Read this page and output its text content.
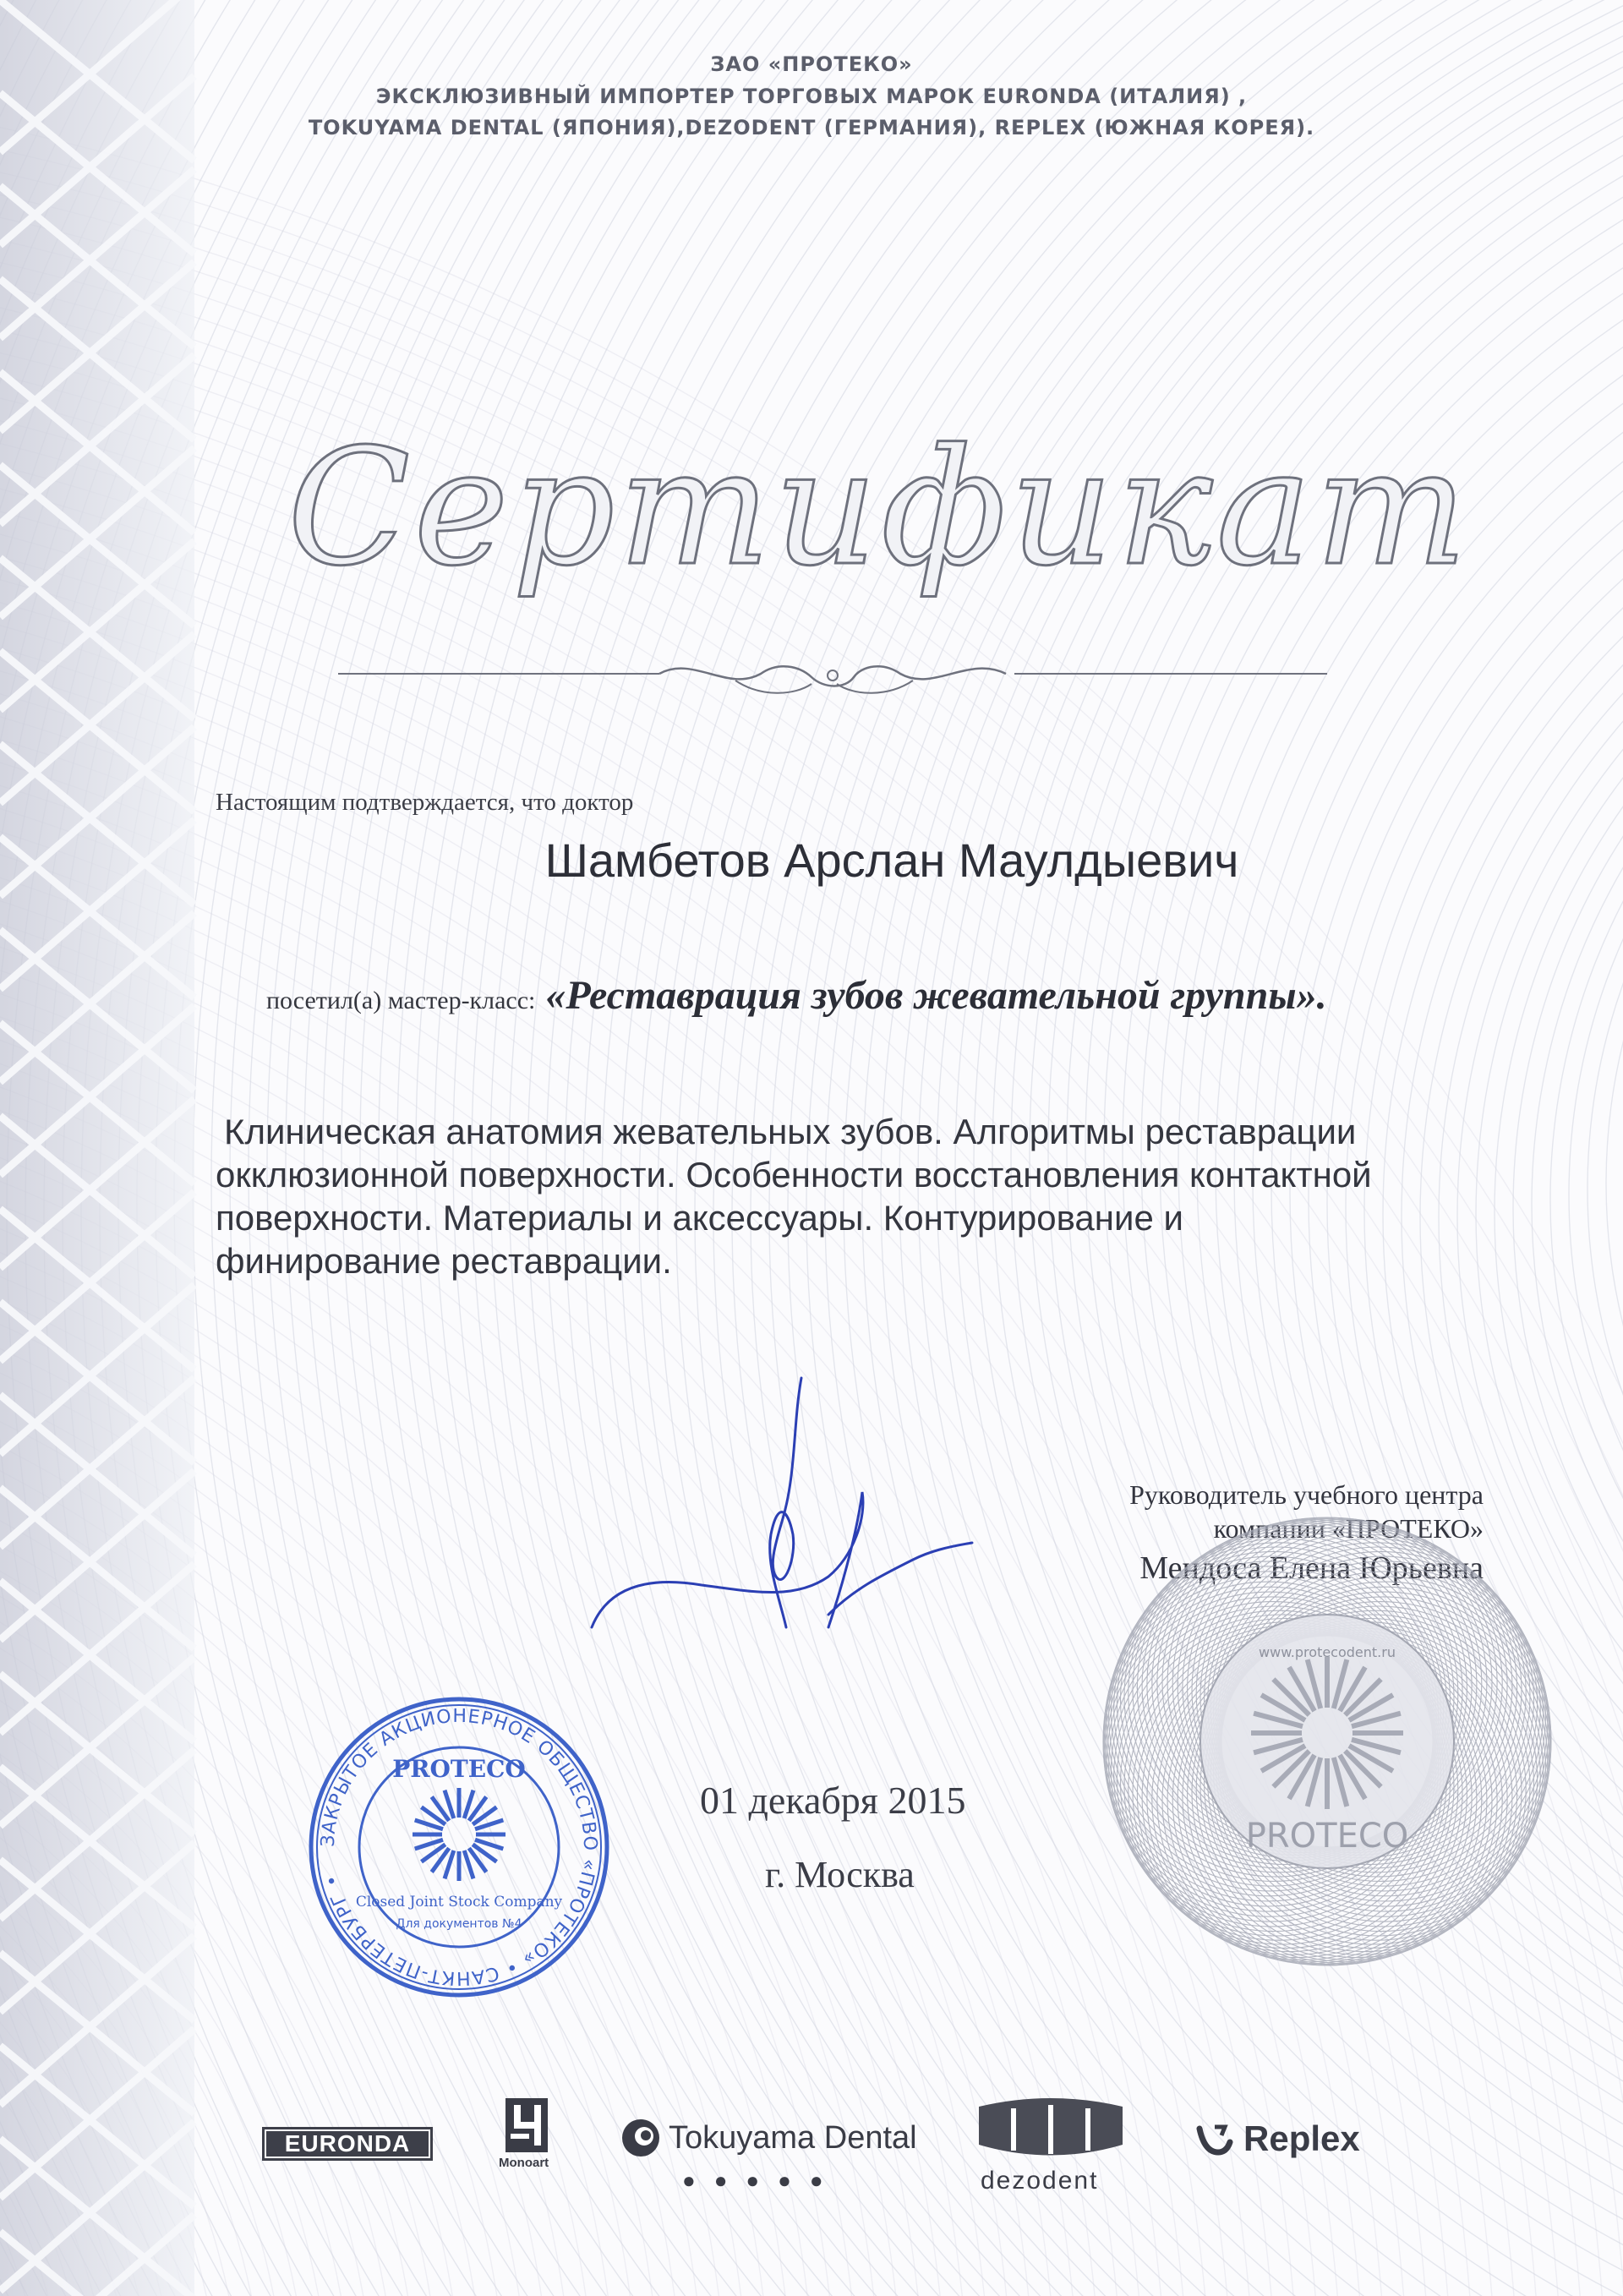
ЗАО «ПРОТЕКО»
ЭКСКЛЮЗИВНЫЙ ИМПОРТЕР ТОРГОВЫХ МАРОК EURONDA (ИТАЛИЯ) ,
TOKUYAMA DENTAL (ЯПОНИЯ),DEZODENT (ГЕРМАНИЯ), REPLEX (ЮЖНАЯ КОРЕЯ).
Сертификат
Настоящим подтверждается, что доктор
Шамбетов Арслан Маулдыевич
посетил(а) мастер-класс: «Реставрация зубов жевательной группы».
Клиническая анатомия жевательных зубов. Алгоритмы реставрации
окклюзионной поверхности. Особенности восстановления контактной
поверхности. Материалы и аксессуары. Контурирование и
финирование реставрации.
Руководитель учебного центра
компании «ПРОТЕКО»
Мендоса Елена Юрьевна
www.protecodent.ru
PROTECO
ЗАКРЫТОЕ АКЦИОНЕРНОЕ ОБЩЕСТВО «ПРОТЕКО» • САНКТ-ПЕТЕРБУРГ •
PROTECO
Closed Joint Stock Company
Для документов №4
01 декабря 2015
г. Москва
EURONDA
Monoart
Tokuyama Dental
●●●●●	dezodent
Replex
